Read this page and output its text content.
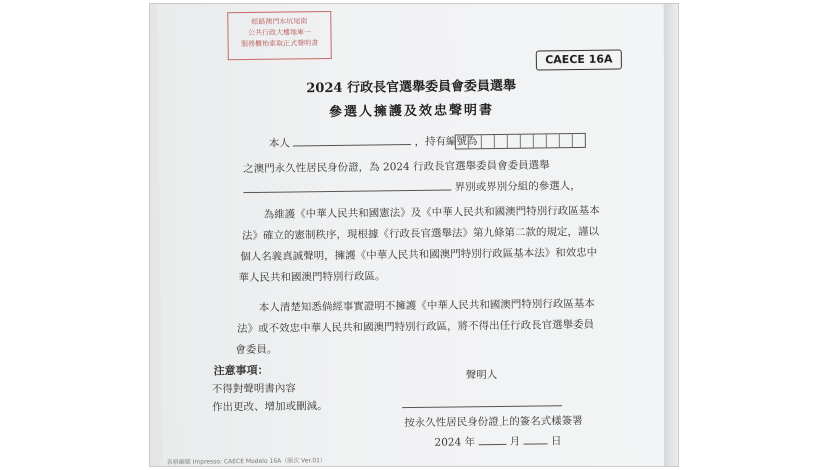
經路澳門水坑尾街
公共行政大樓地庫一
服務櫃枱索取正式聲明書
CAECE 16A
2024 行政長官選舉委員會委員選舉
參選人擁護及效忠聲明書
本人	，持有編號為
之澳門永久性居民身份證，為 2024 行政長官選舉委員會委員選舉
界別或界別分組的參選人，
為維護《中華人民共和國憲法》及《中華人民共和國澳門特別行政區基本
法》確立的憲制秩序，現根據《行政長官選舉法》第九條第二款的規定，謹以
個人名義真誠聲明，擁護《中華人民共和國澳門特別行政區基本法》和效忠中
華人民共和國澳門特別行政區。
本人清楚知悉倘經事實證明不擁護《中華人民共和國澳門特別行政區基本
法》或不效忠中華人民共和國澳門特別行政區，將不得出任行政長官選舉委員
會委員。
注意事項：
不得對聲明書內容
作出更改、增加或刪減。
聲明人
按永久性居民身份證上的簽名式樣簽署
2024 年	月	日
表格編號 Impresso: CAECE Modelo 16A（版次 Ver.01）
